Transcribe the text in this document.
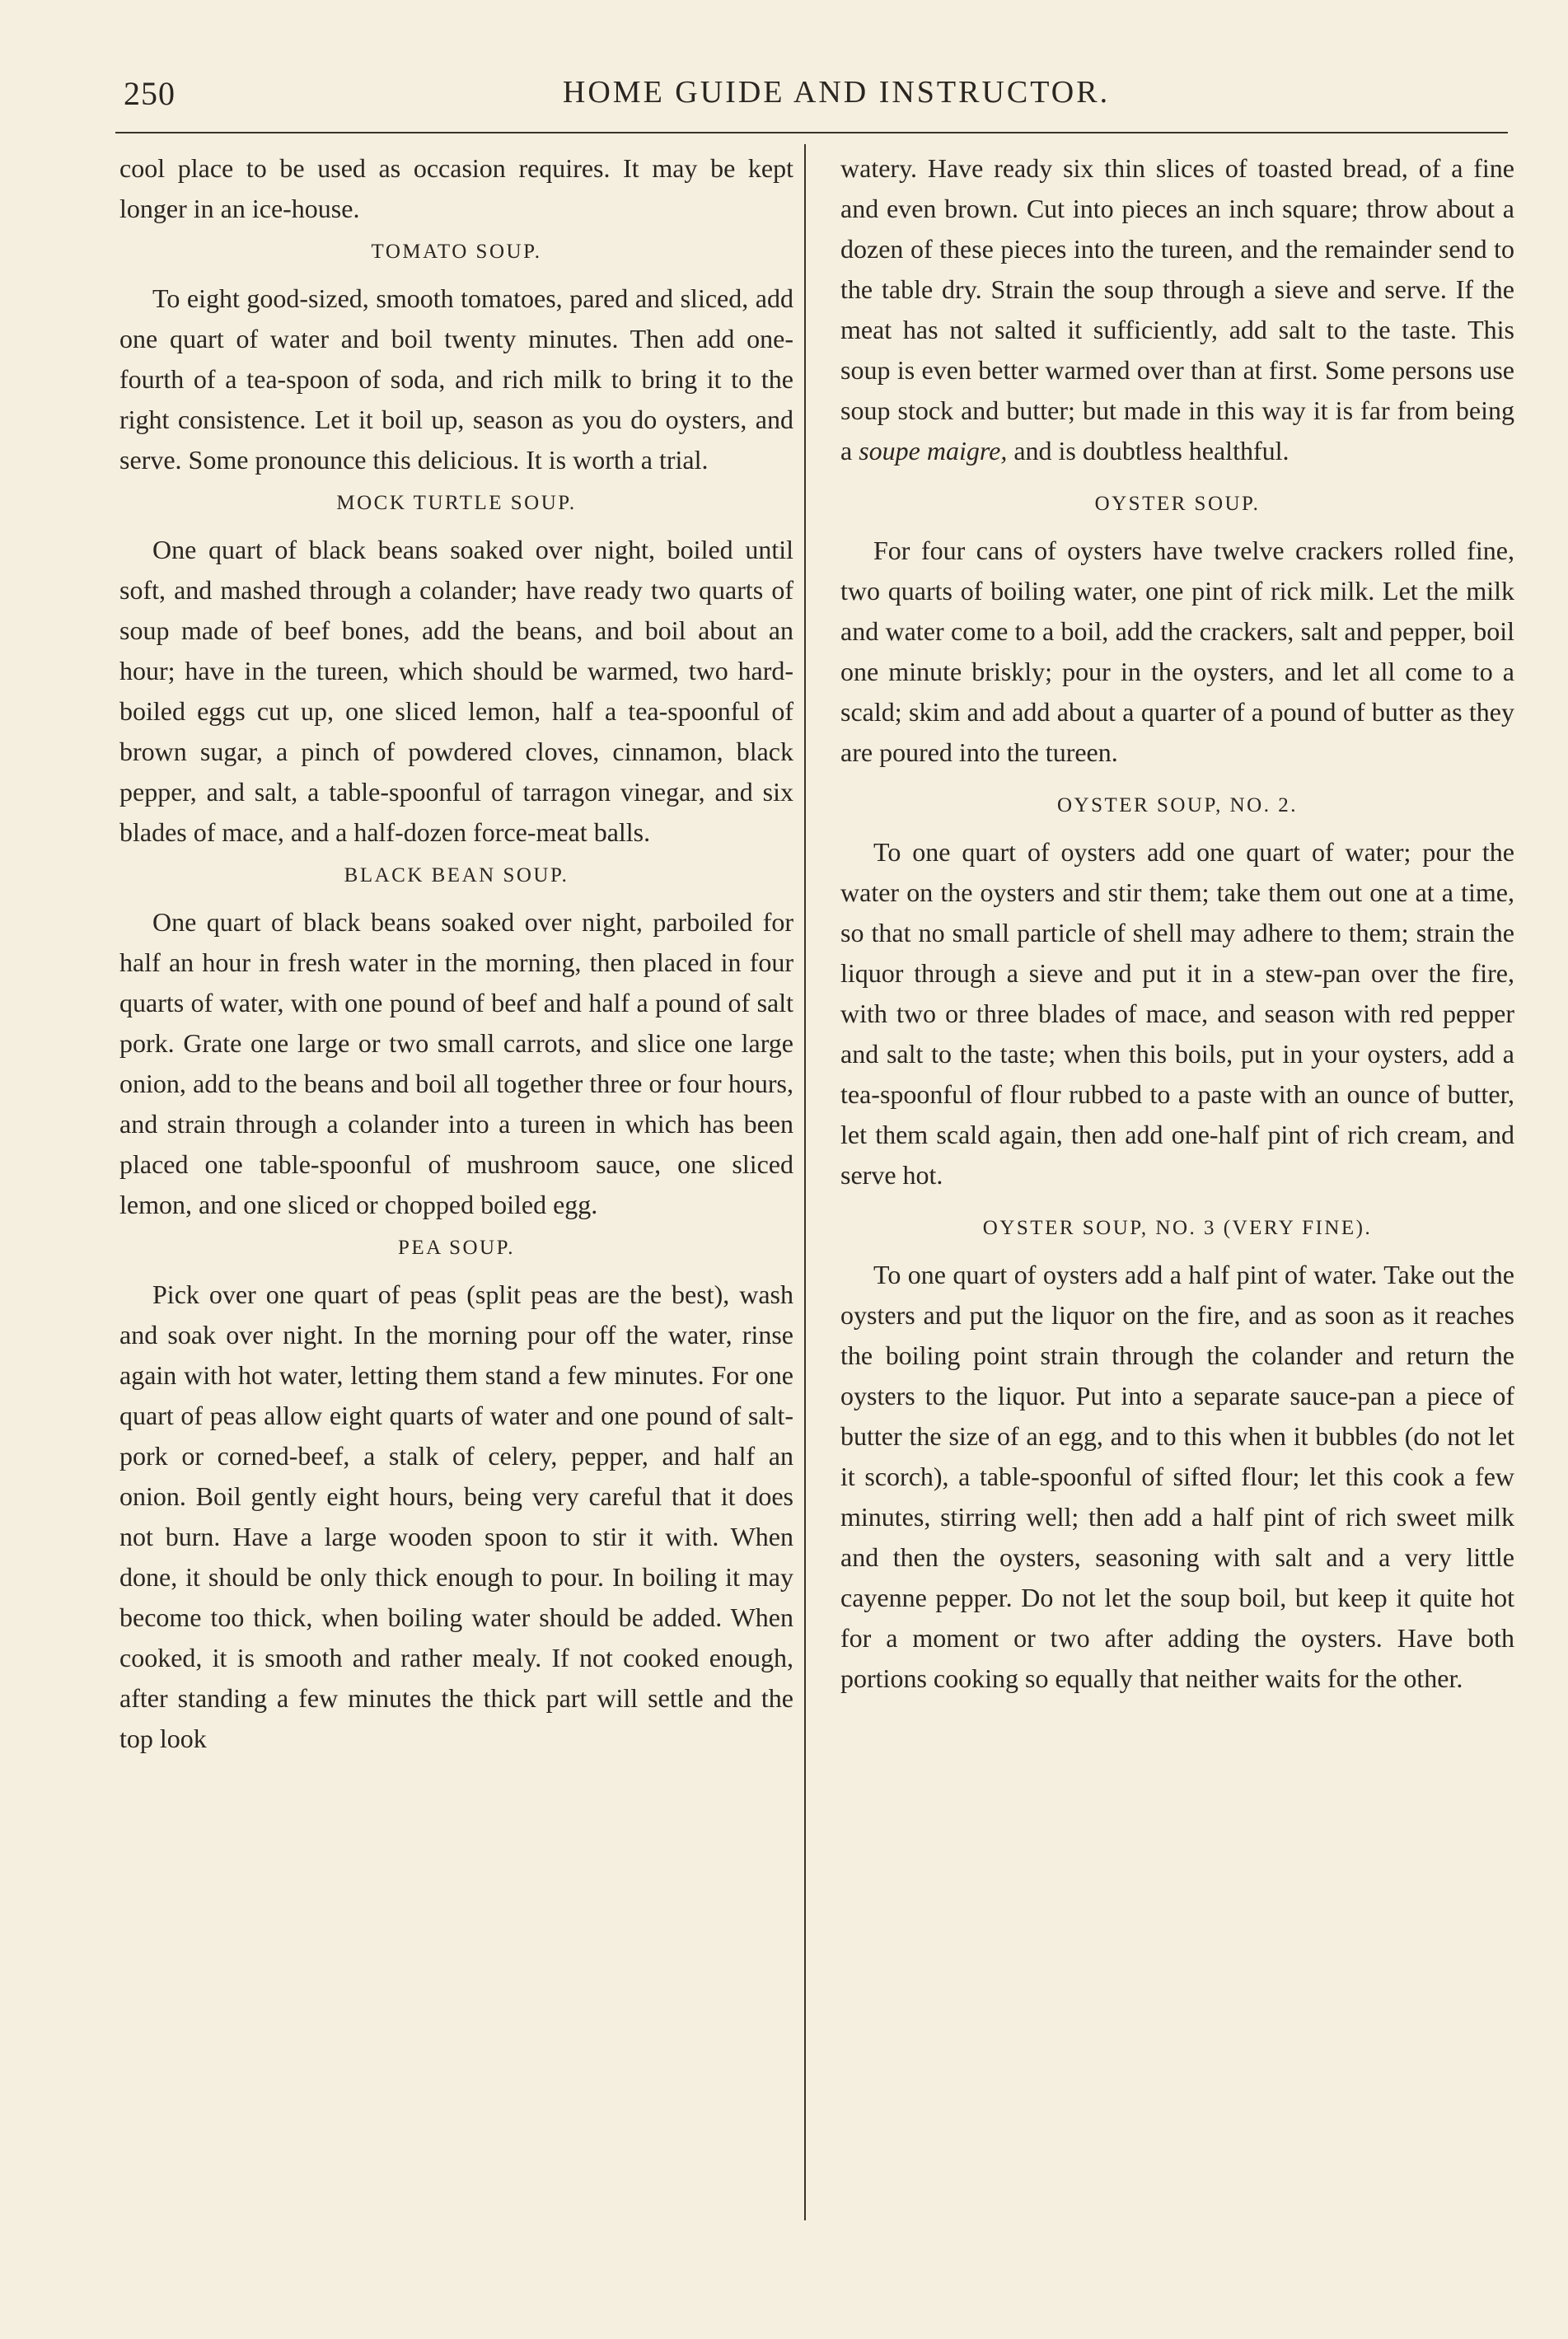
250	HOME GUIDE AND INSTRUCTOR.

cool place to be used as occasion requires. It may be kept longer in an ice-house.

TOMATO SOUP.

To eight good-sized, smooth tomatoes, pared and sliced, add one quart of water and boil twenty minutes. Then add one-fourth of a tea-spoon of soda, and rich milk to bring it to the right consistence. Let it boil up, season as you do oysters, and serve. Some pronounce this delicious. It is worth a trial.

MOCK TURTLE SOUP.

One quart of black beans soaked over night, boiled until soft, and mashed through a colander; have ready two quarts of soup made of beef bones, add the beans, and boil about an hour; have in the tureen, which should be warmed, two hard-boiled eggs cut up, one sliced lemon, half a tea-spoonful of brown sugar, a pinch of powdered cloves, cinnamon, black pepper, and salt, a table-spoonful of tarragon vinegar, and six blades of mace, and a half-dozen force-meat balls.

BLACK BEAN SOUP.

One quart of black beans soaked over night, parboiled for half an hour in fresh water in the morning, then placed in four quarts of water, with one pound of beef and half a pound of salt pork. Grate one large or two small carrots, and slice one large onion, add to the beans and boil all together three or four hours, and strain through a colander into a tureen in which has been placed one table-spoonful of mushroom sauce, one sliced lemon, and one sliced or chopped boiled egg.

PEA SOUP.

Pick over one quart of peas (split peas are the best), wash and soak over night. In the morning pour off the water, rinse again with hot water, letting them stand a few minutes. For one quart of peas allow eight quarts of water and one pound of salt-pork or corned-beef, a stalk of celery, pepper, and half an onion. Boil gently eight hours, being very careful that it does not burn. Have a large wooden spoon to stir it with. When done, it should be only thick enough to pour. In boiling it may become too thick, when boiling water should be added. When cooked, it is smooth and rather mealy. If not cooked enough, after standing a few minutes the thick part will settle and the top look

watery. Have ready six thin slices of toasted bread, of a fine and even brown. Cut into pieces an inch square; throw about a dozen of these pieces into the tureen, and the remainder send to the table dry. Strain the soup through a sieve and serve. If the meat has not salted it sufficiently, add salt to the taste. This soup is even better warmed over than at first. Some persons use soup stock and butter; but made in this way it is far from being a soupe maigre, and is doubtless healthful.

OYSTER SOUP.

For four cans of oysters have twelve crackers rolled fine, two quarts of boiling water, one pint of rick milk. Let the milk and water come to a boil, add the crackers, salt and pepper, boil one minute briskly; pour in the oysters, and let all come to a scald; skim and add about a quarter of a pound of butter as they are poured into the tureen.

OYSTER SOUP, NO. 2.

To one quart of oysters add one quart of water; pour the water on the oysters and stir them; take them out one at a time, so that no small particle of shell may adhere to them; strain the liquor through a sieve and put it in a stew-pan over the fire, with two or three blades of mace, and season with red pepper and salt to the taste; when this boils, put in your oysters, add a tea-spoonful of flour rubbed to a paste with an ounce of butter, let them scald again, then add one-half pint of rich cream, and serve hot.

OYSTER SOUP, NO. 3 (VERY FINE).

To one quart of oysters add a half pint of water. Take out the oysters and put the liquor on the fire, and as soon as it reaches the boiling point strain through the colander and return the oysters to the liquor. Put into a separate sauce-pan a piece of butter the size of an egg, and to this when it bubbles (do not let it scorch), a table-spoonful of sifted flour; let this cook a few minutes, stirring well; then add a half pint of rich sweet milk and then the oysters, seasoning with salt and a very little cayenne pepper. Do not let the soup boil, but keep it quite hot for a moment or two after adding the oysters. Have both portions cooking so equally that neither waits for the other.
